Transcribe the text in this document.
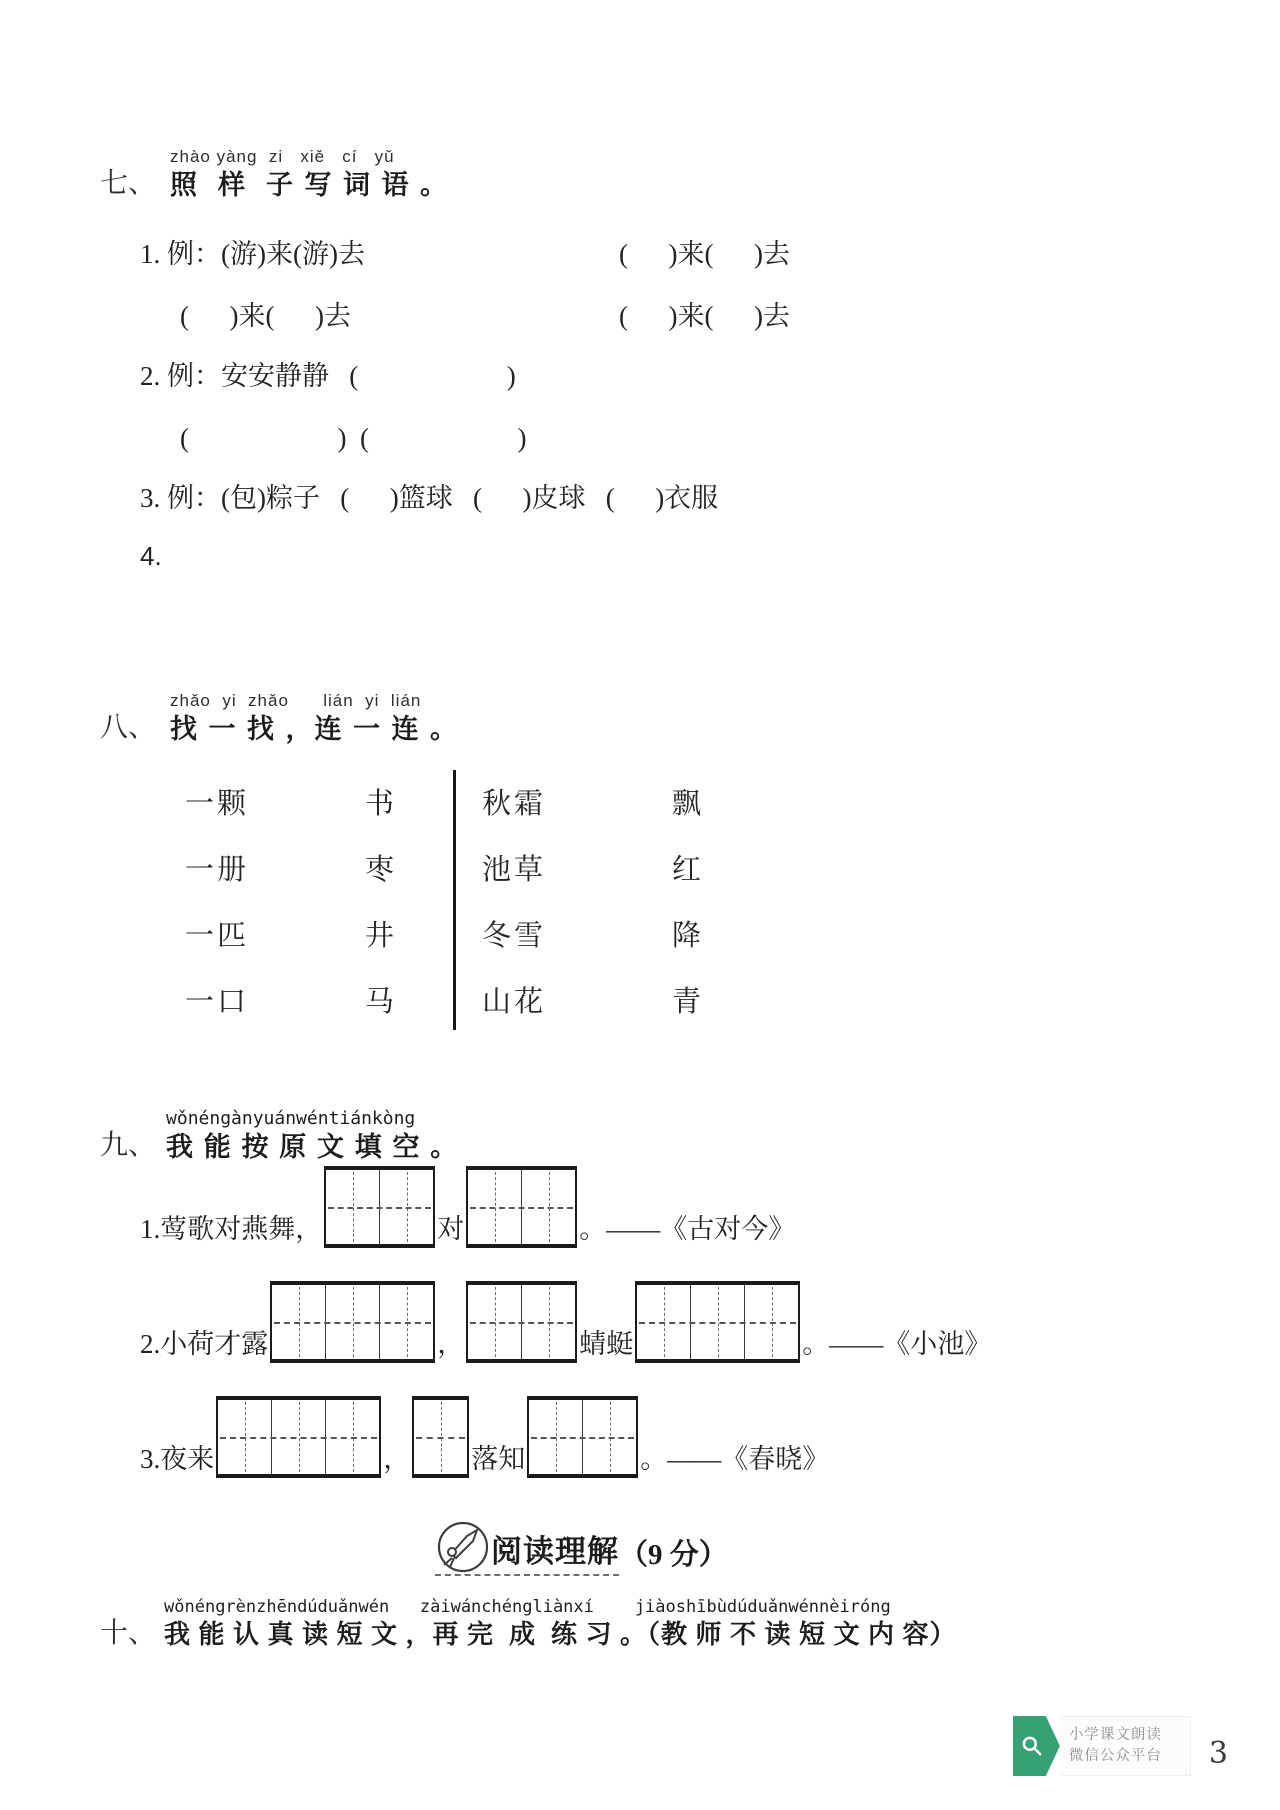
七、
zhào yàng  zi   xiě   cí   yǔ
照  样  子 写 词 语 。
1. 例：(游)来(游)去	(      )来(      )去
(      )来(      )去	(      )来(      )去
2. 例：安安静静   (                      )
(                      )  (                      )
3. 例：(包)粽子   (      )篮球   (      )皮球   (      )衣服
4.
八、
zhǎo  yi  zhǎo      lián  yi  lián
找 一 找 ，连 一 连 。
一颗	书
一册	枣
一匹	井
一口	马
秋霜	飘
池草	红
冬雪	降
山花	青
九、
wǒnéngànyuánwéntiánkòng
我 能 按 原 文 填 空 。
1.莺歌对燕舞，	对	。——《古对今》
2.小荷才露	，	蜻蜓	。——《小池》
3.夜来	， 落知	。——《春晓》
阅读理解 （9 分）
十、
wǒnéngrènzhēndúduǎnwén   zàiwánchéngliànxí    jiàoshībùdúduǎnwénnèiróng
我 能 认 真 读 短 文 ，再 完  成  练 习 。（教 师 不 读 短 文 内 容）
小学课文朗读
微信公众平台	3
